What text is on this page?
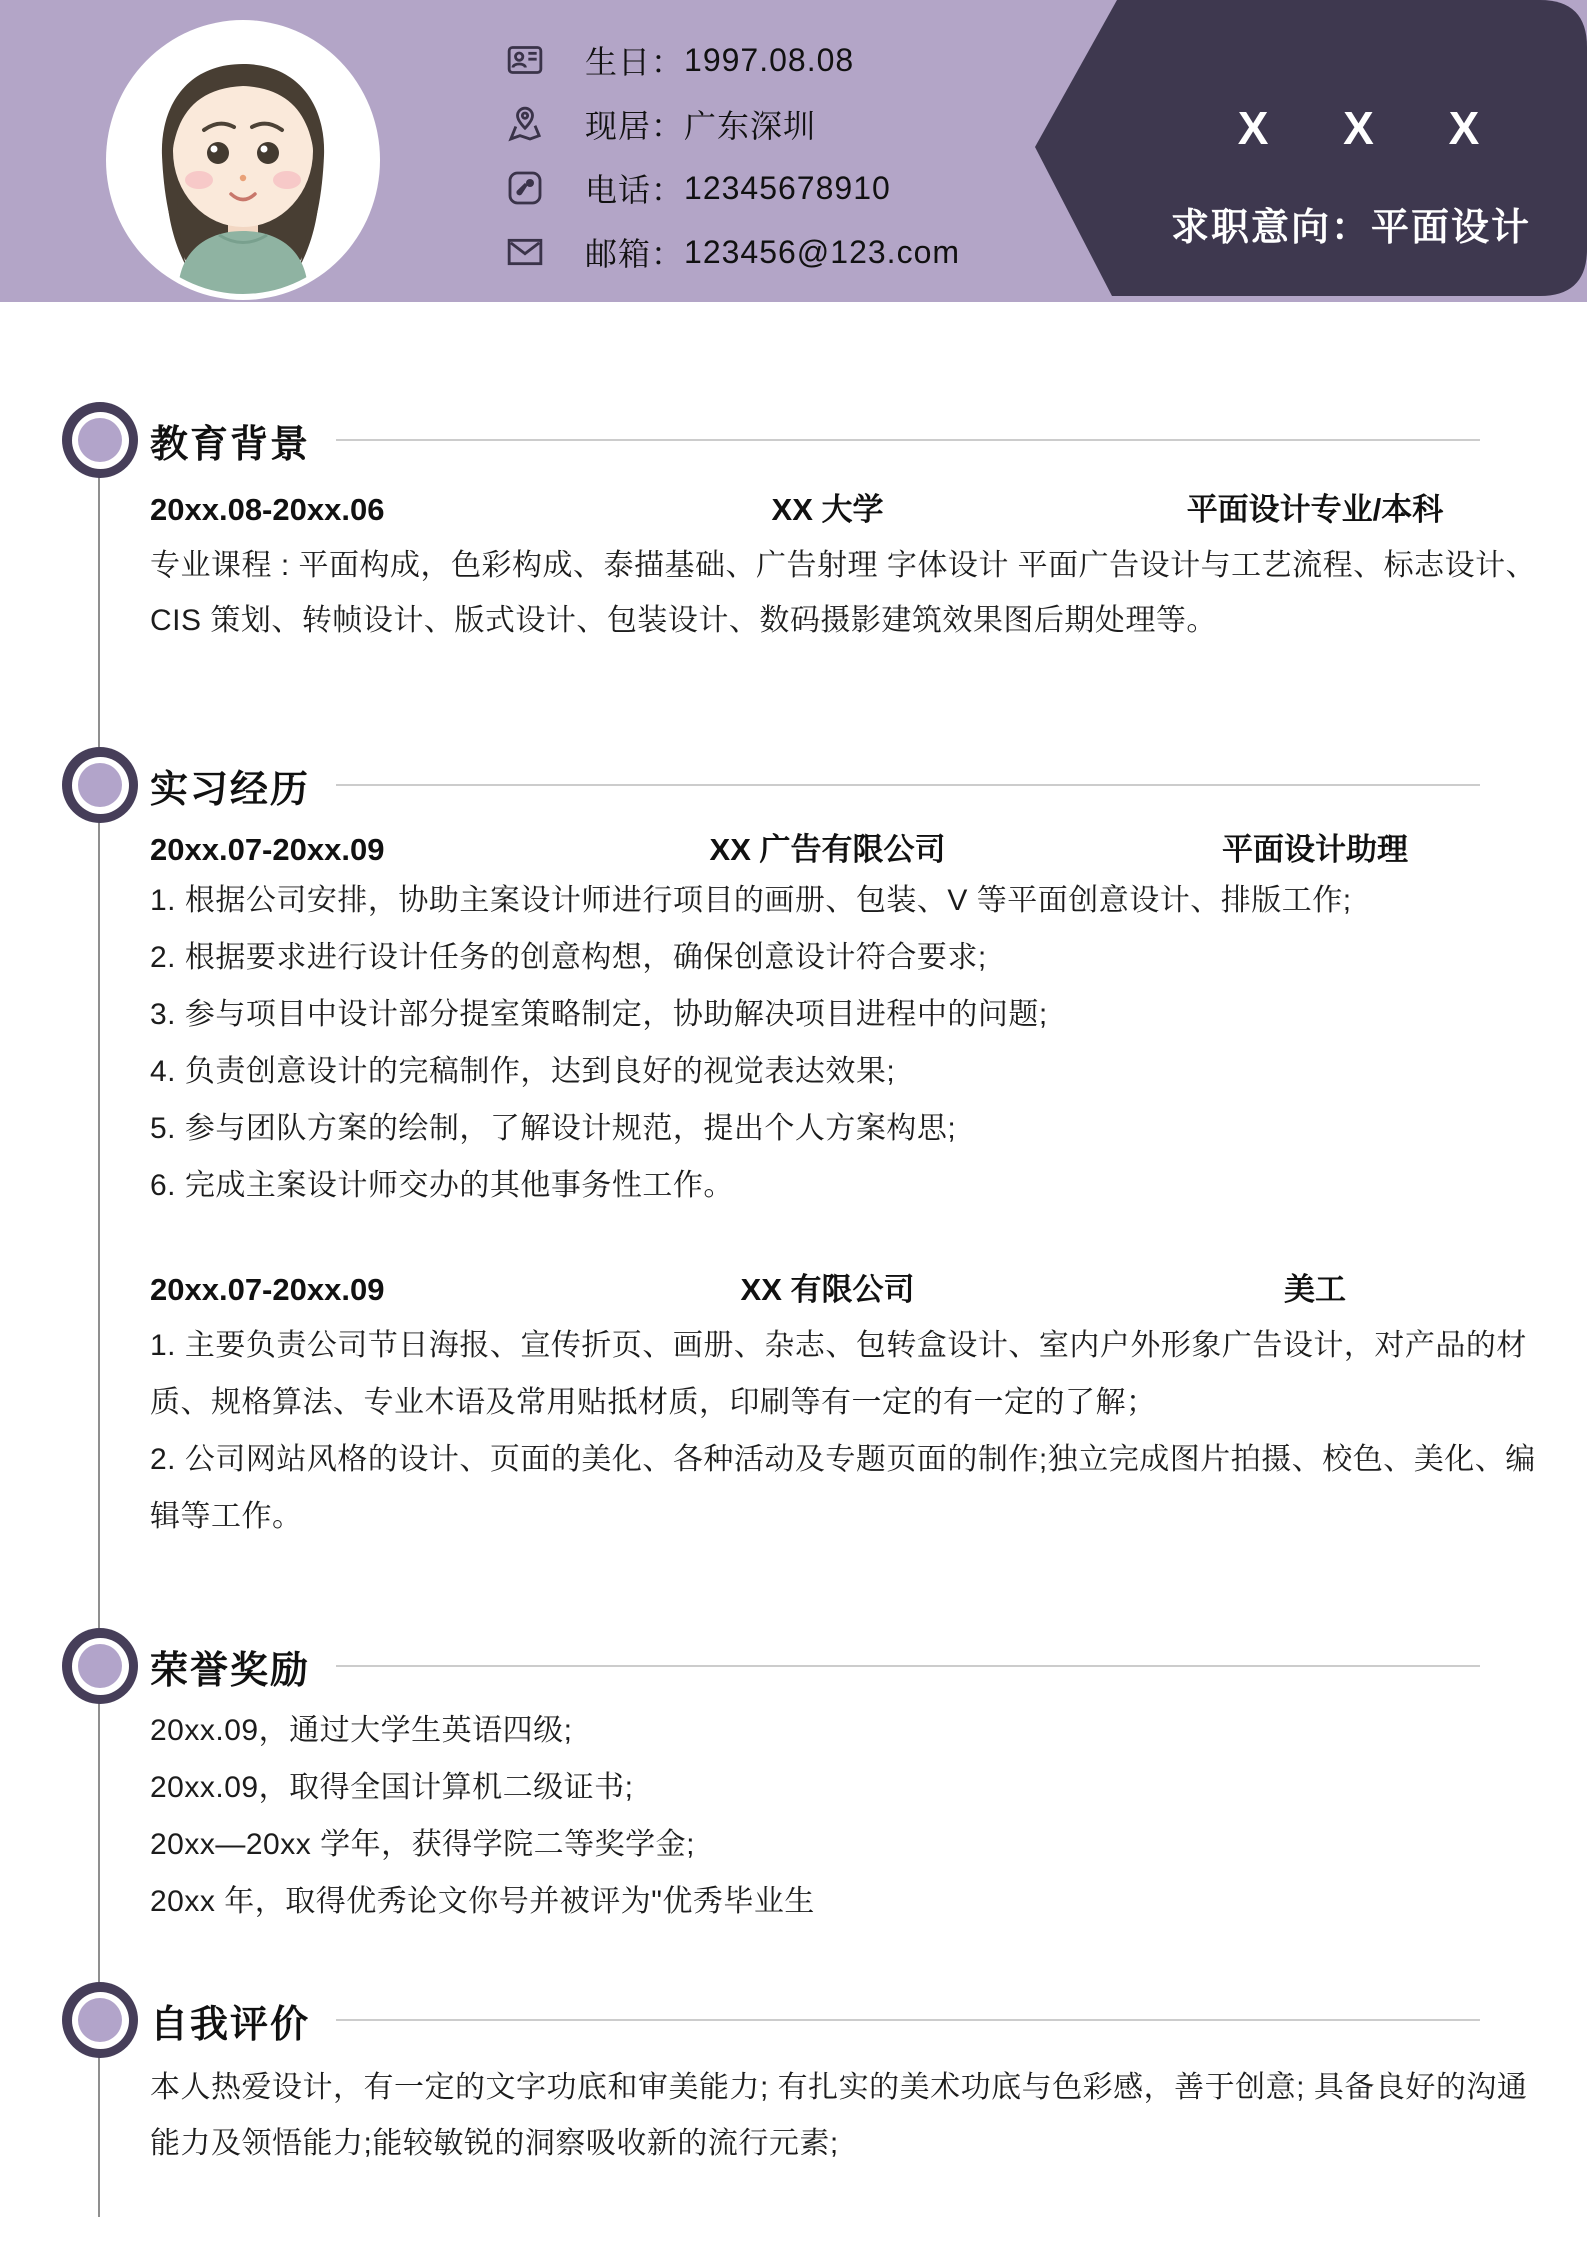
生日： 1997.08.08
现居： 广东深圳
电话： 12345678910
邮箱： 123456@123.com
X X X
求职意向：平面设计
教育背景
20xx.08-20xx.06	XX 大学	平面设计专业/本科
专业课程 : 平面构成，色彩构成、泰描基础、广告射理 字体设计 平面广告设计与工艺流程、标志设计、CIS 策划、转帧设计、版式设计、包装设计、数码摄影建筑效果图后期处理等。
实习经历
20xx.07-20xx.09	XX 广告有限公司	平面设计助理
1. 根据公司安排，协助主案设计师进行项目的画册、包装、V 等平面创意设计、排版工作;
2. 根据要求进行设计任务的创意构想，确保创意设计符合要求;
3. 参与项目中设计部分提室策略制定，协助解决项目进程中的问题;
4. 负责创意设计的完稿制作，达到良好的视觉表达效果;
5. 参与团队方案的绘制，了解设计规范，提出个人方案构思;
6. 完成主案设计师交办的其他事务性工作。
20xx.07-20xx.09	XX 有限公司	美工
1. 主要负责公司节日海报、宣传折页、画册、杂志、包转盒设计、室内户外形象广告设计，对产品的材质、规格算法、专业木语及常用贴抵材质，印刷等有一定的有一定的了解；
2. 公司网站风格的设计、页面的美化、各种活动及专题页面的制作;独立完成图片拍摄、校色、美化、编辑等工作。
荣誉奖励
20xx.09，通过大学生英语四级;
20xx.09，取得全国计算机二级证书;
20xx—20xx 学年，获得学院二等奖学金;
20xx 年，取得优秀论文你号并被评为"优秀毕业生
自我评价
本人热爱设计，有一定的文字功底和审美能力; 有扎实的美术功底与色彩感，善于创意; 具备良好的沟通能力及领悟能力;能较敏锐的洞察吸收新的流行元素;
